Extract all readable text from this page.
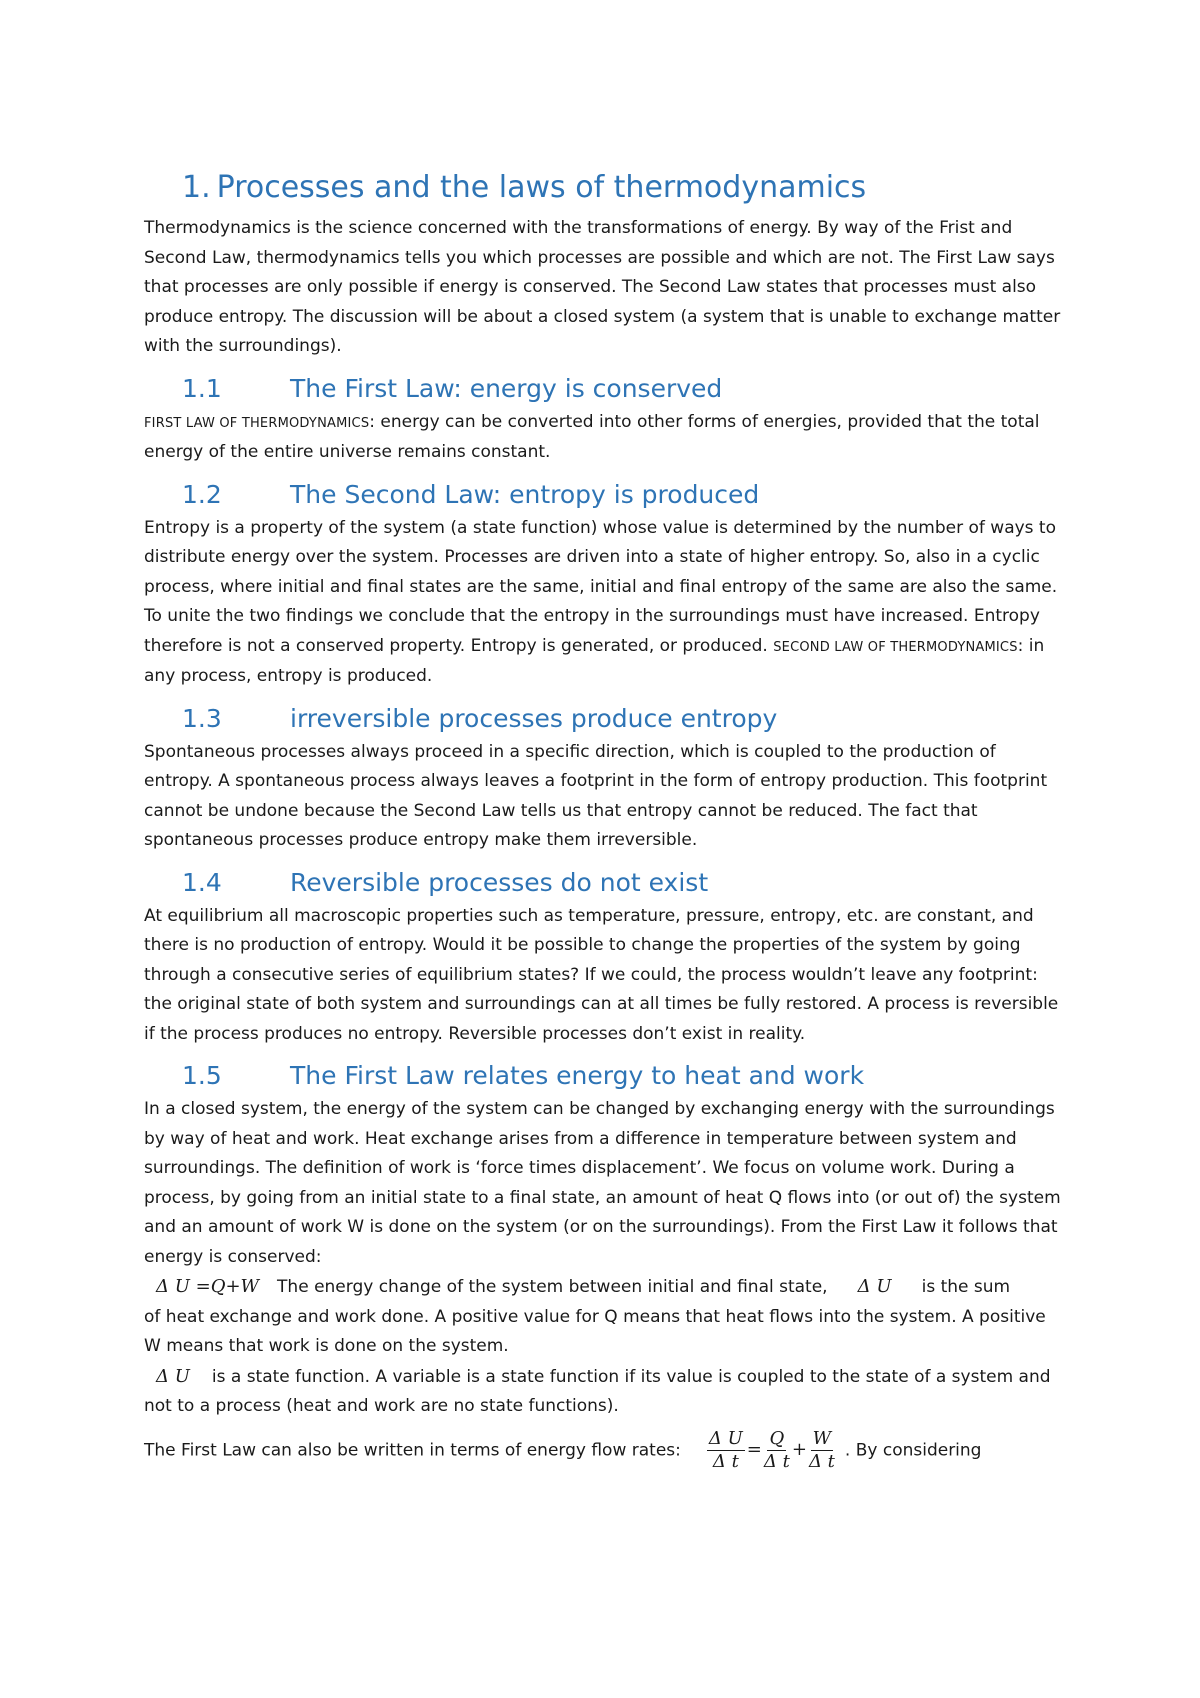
1. Processes and the laws of thermodynamics

Thermodynamics is the science concerned with the transformations of energy. By way of the Frist and Second Law, thermodynamics tells you which processes are possible and which are not. The First Law says that processes are only possible if energy is conserved. The Second Law states that processes must also produce entropy. The discussion will be about a closed system (a system that is unable to exchange matter with the surroundings).

1.1	The First Law: energy is conserved

FIRST LAW OF THERMODYNAMICS: energy can be converted into other forms of energies, provided that the total energy of the entire universe remains constant.

1.2	The Second Law: entropy is produced

Entropy is a property of the system (a state function) whose value is determined by the number of ways to distribute energy over the system. Processes are driven into a state of higher entropy. So, also in a cyclic process, where initial and final states are the same, initial and final entropy of the same are also the same. To unite the two findings we conclude that the entropy in the surroundings must have increased. Entropy therefore is not a conserved property. Entropy is generated, or produced. SECOND LAW OF THERMODYNAMICS: in any process, entropy is produced.

1.3	irreversible processes produce entropy

Spontaneous processes always proceed in a specific direction, which is coupled to the production of entropy. A spontaneous process always leaves a footprint in the form of entropy production. This footprint cannot be undone because the Second Law tells us that entropy cannot be reduced. The fact that spontaneous processes produce entropy make them irreversible.

1.4	Reversible processes do not exist

At equilibrium all macroscopic properties such as temperature, pressure, entropy, etc. are constant, and there is no production of entropy. Would it be possible to change the properties of the system by going through a consecutive series of equilibrium states? If we could, the process wouldn’t leave any footprint: the original state of both system and surroundings can at all times be fully restored. A process is reversible if the process produces no entropy. Reversible processes don’t exist in reality.

1.5	The First Law relates energy to heat and work

In a closed system, the energy of the system can be changed by exchanging energy with the surroundings by way of heat and work. Heat exchange arises from a difference in temperature between system and surroundings. The definition of work is ‘force times displacement’. We focus on volume work. During a process, by going from an initial state to a final state, an amount of heat Q flows into (or out of) the system and an amount of work W is done on the system (or on the surroundings). From the First Law it follows that energy is conserved:

Δ U =Q+W The energy change of the system between initial and final state, Δ U is the sum

of heat exchange and work done. A positive value for Q means that heat flows into the system. A positive W means that work is done on the system.

Δ U is a state function. A variable is a state function if its value is coupled to the state of a system and not to a process (heat and work are no state functions).

The First Law can also be written in terms of energy flow rates: $\frac{\text{Δ U}}{\text{Δ t}} = \frac{Q}{\text{Δ t}} + \frac{W}{\text{Δ t}}$ . By considering
